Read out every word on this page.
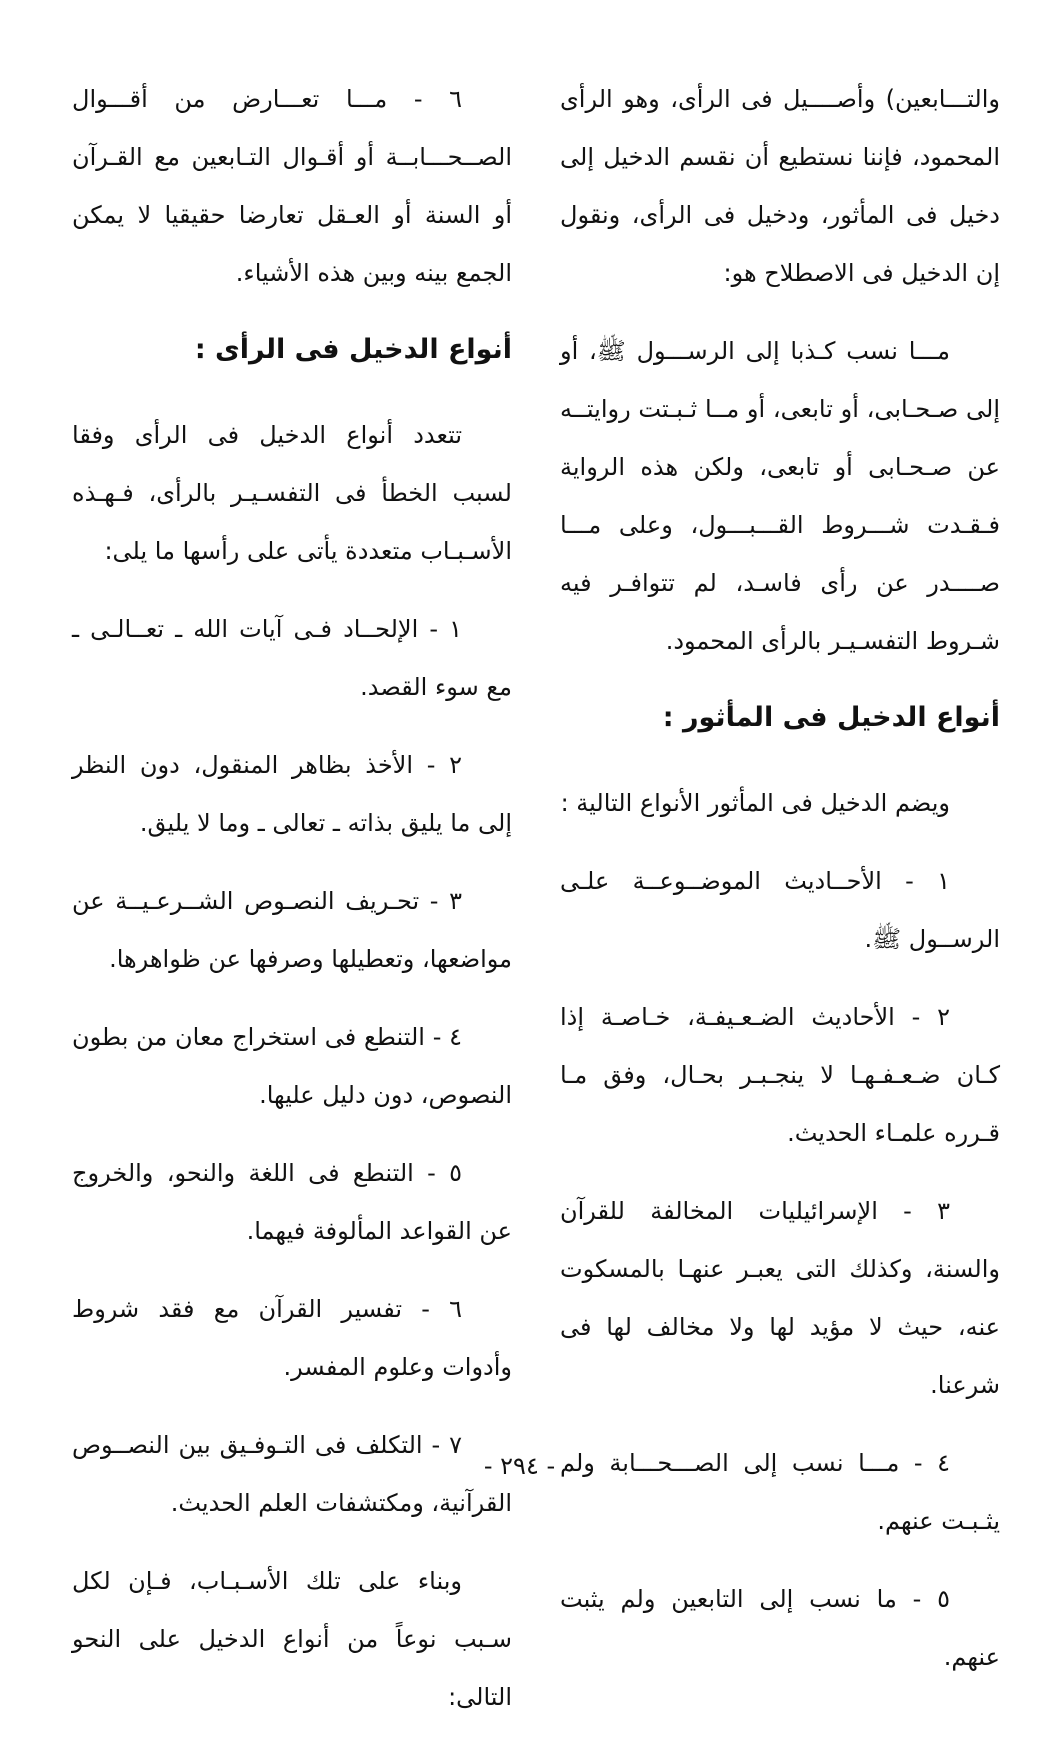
والتـــابعين) وأصــــيل فى الرأى، وهو الرأى المحمود، فإننا نستطيع أن نقسم الدخيل إلى دخيل فى المأثور، ودخيل فى الرأى، ونقول إن الدخيل فى الاصطلاح هو:

مـــا نسب كـذبا إلى الرســـول ﷺ، أو إلى صـحـابى، أو تابعى، أو مــا ثـبـتت روايتــه عن صـحـابى أو تابعى، ولكن هذه الرواية فـقـدت شـــروط القـــبـــول، وعلى مـــا صــــدر عن رأى فاسـد، لم تتوافـر فيه شـروط التفسـيـر بالرأى المحمود.

أنواع الدخيل فى المأثور :

ويضم الدخيل فى المأثور الأنواع التالية :

١ - الأحــاديث الموضــوعــة علـى الرســول ﷺ.

٢ - الأحاديث الضـعـيفـة، خـاصـة إذا كـان ضـعـفـهـا لا ينجـبـر بحـال، وفق مـا قـرره علمـاء الحديث.

٣ - الإسرائيليات المخالفة للقرآن والسنة، وكذلك التى يعبـر عنهـا بالمسكوت عنه، حيث لا مؤيد لها ولا مخالف لها فى شرعنا.

٤ - مـــا نسب إلى الصـــحـــابة ولم يثـبـت عنهم.

٥ - ما نسب إلى التابعين ولم يثبت عنهم.

٦ - مـــا تعـــارض من أقـــوال الصــحـــابــة أو أقـوال التـابعين مع القـرآن أو السنة أو العـقل تعارضا حقيقيا لا يمكن الجمع بينه وبين هذه الأشياء.

أنواع الدخيل فى الرأى :

تتعدد أنواع الدخيل فى الرأى وفقا لسبب الخطأ فى التفسـيـر بالرأى، فـهـذه الأسـبـاب متعددة يأتى على رأسها ما يلى:

١ - الإلحــاد فـى آيات الله ـ تعــالـى ـ مع سوء القصد.

٢ - الأخذ بظاهر المنقول، دون النظر إلى ما يليق بذاته ـ تعالى ـ وما لا يليق.

٣ - تحـريف النصـوص الشــرعـيــة عن مواضعها، وتعطيلها وصرفها عن ظواهرها.

٤ - التنطع فى استخراج معان من بطون النصوص، دون دليل عليها.

٥ - التنطع فى اللغة والنحو، والخروج عن القواعد المألوفة فيهما.

٦ - تفسير القرآن مع فقد شروط وأدوات وعلوم المفسر.

٧ - التكلف فى التـوفـيق بين النصــوص القرآنية، ومكتشفات العلم الحديث.

وبناء على تلك الأسـبـاب، فـإن لكل سـبب نوعاً من أنواع الدخيل على النحو التالى:

- ٢٩٤ -
